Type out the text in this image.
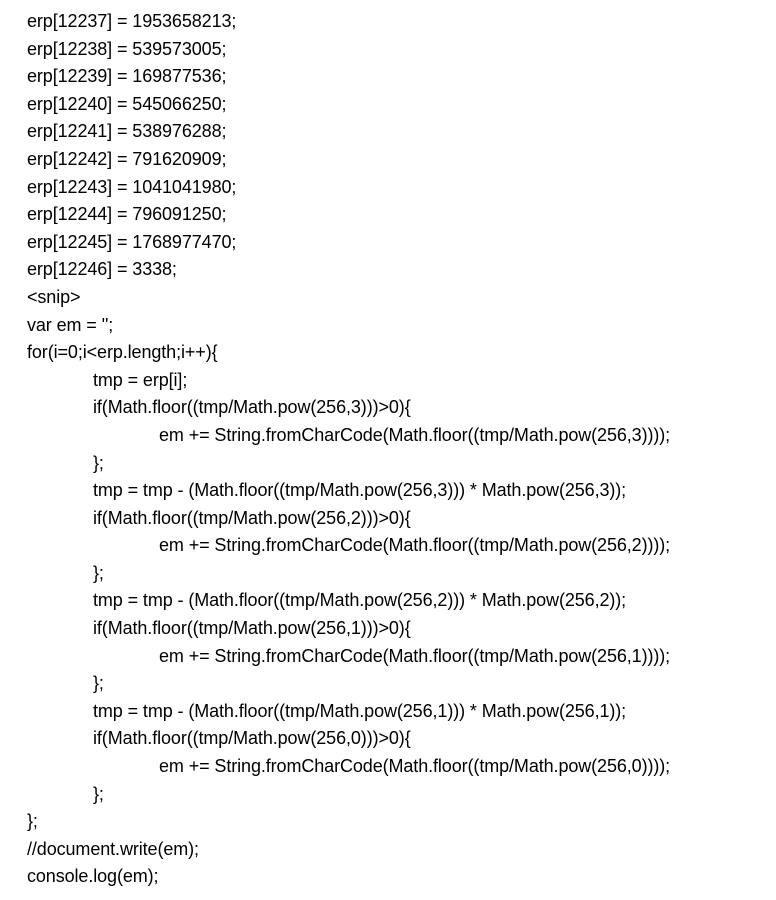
erp[12237] = 1953658213;
erp[12238] = 539573005;
erp[12239] = 169877536;
erp[12240] = 545066250;
erp[12241] = 538976288;
erp[12242] = 791620909;
erp[12243] = 1041041980;
erp[12244] = 796091250;
erp[12245] = 1768977470;
erp[12246] = 3338;
<snip>
var em = '';
for(i=0;i<erp.length;i++){
tmp = erp[i];
if(Math.floor((tmp/Math.pow(256,3)))>0){
em += String.fromCharCode(Math.floor((tmp/Math.pow(256,3))));
};
tmp = tmp - (Math.floor((tmp/Math.pow(256,3))) * Math.pow(256,3));
if(Math.floor((tmp/Math.pow(256,2)))>0){
em += String.fromCharCode(Math.floor((tmp/Math.pow(256,2))));
};
tmp = tmp - (Math.floor((tmp/Math.pow(256,2))) * Math.pow(256,2));
if(Math.floor((tmp/Math.pow(256,1)))>0){
em += String.fromCharCode(Math.floor((tmp/Math.pow(256,1))));
};
tmp = tmp - (Math.floor((tmp/Math.pow(256,1))) * Math.pow(256,1));
if(Math.floor((tmp/Math.pow(256,0)))>0){
em += String.fromCharCode(Math.floor((tmp/Math.pow(256,0))));
};
};
//document.write(em);
console.log(em);
